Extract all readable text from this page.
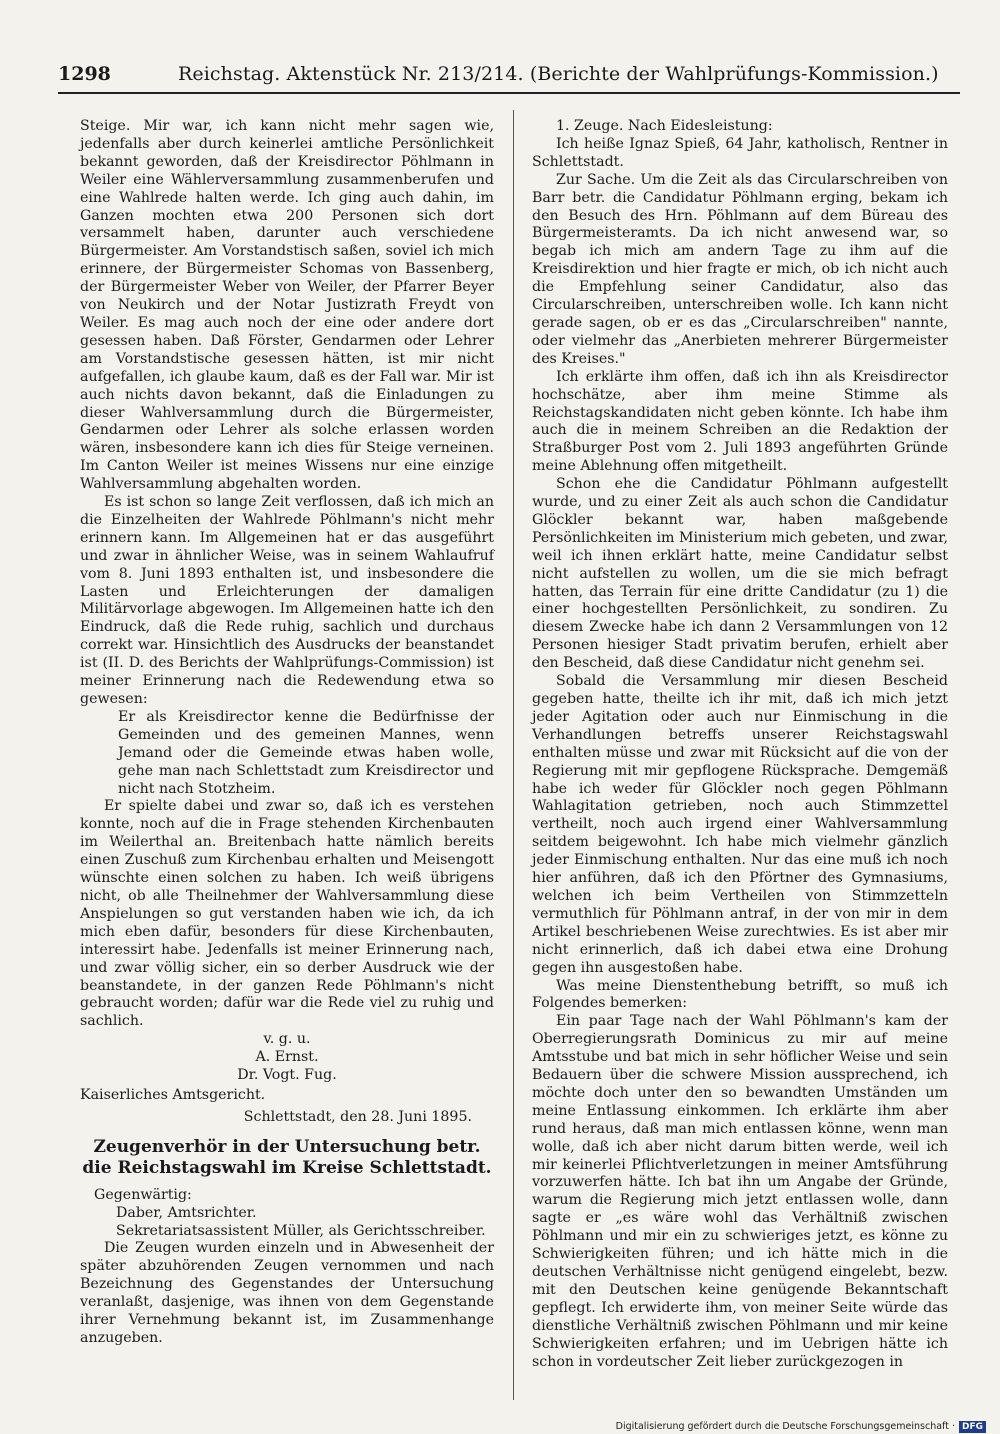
1298	Reichstag. Aktenstück Nr. 213/214. (Berichte der Wahlprüfungs-Kommission.)

Steige. Mir war, ich kann nicht mehr sagen wie, jedenfalls aber durch keinerlei amtliche Persönlichkeit bekannt geworden, daß der Kreisdirector Pöhlmann in Weiler eine Wählerversammlung zusammenberufen und eine Wahlrede halten werde. Ich ging auch dahin, im Ganzen mochten etwa 200 Personen sich dort versammelt haben, darunter auch verschiedene Bürgermeister. Am Vorstandstisch saßen, soviel ich mich erinnere, der Bürgermeister Schomas von Bassenberg, der Bürgermeister Weber von Weiler, der Pfarrer Beyer von Neukirch und der Notar Justizrath Freydt von Weiler. Es mag auch noch der eine oder andere dort gesessen haben. Daß Förster, Gendarmen oder Lehrer am Vorstandstische gesessen hätten, ist mir nicht aufgefallen, ich glaube kaum, daß es der Fall war. Mir ist auch nichts davon bekannt, daß die Einladungen zu dieser Wahlversammlung durch die Bürgermeister, Gendarmen oder Lehrer als solche erlassen worden wären, insbesondere kann ich dies für Steige verneinen. Im Canton Weiler ist meines Wissens nur eine einzige Wahlversammlung abgehalten worden.

Es ist schon so lange Zeit verflossen, daß ich mich an die Einzelheiten der Wahlrede Pöhlmann's nicht mehr erinnern kann. Im Allgemeinen hat er das ausgeführt und zwar in ähnlicher Weise, was in seinem Wahlaufruf vom 8. Juni 1893 enthalten ist, und insbesondere die Lasten und Erleichterungen der damaligen Militärvorlage abgewogen. Im Allgemeinen hatte ich den Eindruck, daß die Rede ruhig, sachlich und durchaus correkt war. Hinsichtlich des Ausdrucks der beanstandet ist (II. D. des Berichts der Wahlprüfungs-Commission) ist meiner Erinnerung nach die Redewendung etwa so gewesen:

Er als Kreisdirector kenne die Bedürfnisse der Gemeinden und des gemeinen Mannes, wenn Jemand oder die Gemeinde etwas haben wolle, gehe man nach Schlettstadt zum Kreisdirector und nicht nach Stotzheim.

Er spielte dabei und zwar so, daß ich es verstehen konnte, noch auf die in Frage stehenden Kirchenbauten im Weilerthal an. Breitenbach hatte nämlich bereits einen Zuschuß zum Kirchenbau erhalten und Meisengott wünschte einen solchen zu haben. Ich weiß übrigens nicht, ob alle Theilnehmer der Wahlversammlung diese Anspielungen so gut verstanden haben wie ich, da ich mich eben dafür, besonders für diese Kirchenbauten, interessirt habe. Jedenfalls ist meiner Erinnerung nach, und zwar völlig sicher, ein so derber Ausdruck wie der beanstandete, in der ganzen Rede Pöhlmann's nicht gebraucht worden; dafür war die Rede viel zu ruhig und sachlich.

v. g. u.
A. Ernst.
Dr. Vogt. Fug.
Kaiserliches Amtsgericht.
Schlettstadt, den 28. Juni 1895.
Zeugenverhör in der Untersuchung betr. die Reichstagswahl im Kreise Schlettstadt.
Gegenwärtig:
Daber, Amtsrichter.
Sekretariatsassistent Müller, als Gerichtsschreiber.

Die Zeugen wurden einzeln und in Abwesenheit der später abzuhörenden Zeugen vernommen und nach Bezeichnung des Gegenstandes der Untersuchung veranlaßt, dasjenige, was ihnen von dem Gegenstande ihrer Vernehmung bekannt ist, im Zusammenhange anzugeben.

1. Zeuge. Nach Eidesleistung:

Ich heiße Ignaz Spieß, 64 Jahr, katholisch, Rentner in Schlettstadt.

Zur Sache. Um die Zeit als das Circularschreiben von Barr betr. die Candidatur Pöhlmann erging, bekam ich den Besuch des Hrn. Pöhlmann auf dem Büreau des Bürgermeisteramts. Da ich nicht anwesend war, so begab ich mich am andern Tage zu ihm auf die Kreisdirektion und hier fragte er mich, ob ich nicht auch die Empfehlung seiner Candidatur, also das Circularschreiben, unterschreiben wolle. Ich kann nicht gerade sagen, ob er es das „Circularschreiben" nannte, oder vielmehr das „Anerbieten mehrerer Bürgermeister des Kreises."

Ich erklärte ihm offen, daß ich ihn als Kreisdirector hochschätze, aber ihm meine Stimme als Reichstagskandidaten nicht geben könnte. Ich habe ihm auch die in meinem Schreiben an die Redaktion der Straßburger Post vom 2. Juli 1893 angeführten Gründe meine Ablehnung offen mitgetheilt.

Schon ehe die Candidatur Pöhlmann aufgestellt wurde, und zu einer Zeit als auch schon die Candidatur Glöckler bekannt war, haben maßgebende Persönlichkeiten im Ministerium mich gebeten, und zwar, weil ich ihnen erklärt hatte, meine Candidatur selbst nicht aufstellen zu wollen, um die sie mich befragt hatten, das Terrain für eine dritte Candidatur (zu 1) die einer hochgestellten Persönlichkeit, zu sondiren. Zu diesem Zwecke habe ich dann 2 Versammlungen von 12 Personen hiesiger Stadt privatim berufen, erhielt aber den Bescheid, daß diese Candidatur nicht genehm sei.

Sobald die Versammlung mir diesen Bescheid gegeben hatte, theilte ich ihr mit, daß ich mich jetzt jeder Agitation oder auch nur Einmischung in die Verhandlungen betreffs unserer Reichstagswahl enthalten müsse und zwar mit Rücksicht auf die von der Regierung mit mir gepflogene Rücksprache. Demgemäß habe ich weder für Glöckler noch gegen Pöhlmann Wahlagitation getrieben, noch auch Stimmzettel vertheilt, noch auch irgend einer Wahlversammlung seitdem beigewohnt. Ich habe mich vielmehr gänzlich jeder Einmischung enthalten. Nur das eine muß ich noch hier anführen, daß ich den Pförtner des Gymnasiums, welchen ich beim Vertheilen von Stimmzetteln vermuthlich für Pöhlmann antraf, in der von mir in dem Artikel beschriebenen Weise zurechtwies. Es ist aber mir nicht erinnerlich, daß ich dabei etwa eine Drohung gegen ihn ausgestoßen habe.

Was meine Dienstenthebung betrifft, so muß ich Folgendes bemerken:

Ein paar Tage nach der Wahl Pöhlmann's kam der Oberregierungsrath Dominicus zu mir auf meine Amtsstube und bat mich in sehr höflicher Weise und sein Bedauern über die schwere Mission aussprechend, ich möchte doch unter den so bewandten Umständen um meine Entlassung einkommen. Ich erklärte ihm aber rund heraus, daß man mich entlassen könne, wenn man wolle, daß ich aber nicht darum bitten werde, weil ich mir keinerlei Pflichtverletzungen in meiner Amtsführung vorzuwerfen hätte. Ich bat ihn um Angabe der Gründe, warum die Regierung mich jetzt entlassen wolle, dann sagte er „es wäre wohl das Verhältniß zwischen Pöhlmann und mir ein zu schwieriges jetzt, es könne zu Schwierigkeiten führen; und ich hätte mich in die deutschen Verhältnisse nicht genügend eingelebt, bezw. mit den Deutschen keine genügende Bekanntschaft gepflegt. Ich erwiderte ihm, von meiner Seite würde das dienstliche Verhältniß zwischen Pöhlmann und mir keine Schwierigkeiten erfahren; und im Uebrigen hätte ich schon in vordeutscher Zeit lieber zurückgezogen in

Digitalisierung gefördert durch die Deutsche Forschungsgemeinschaft · DFG
